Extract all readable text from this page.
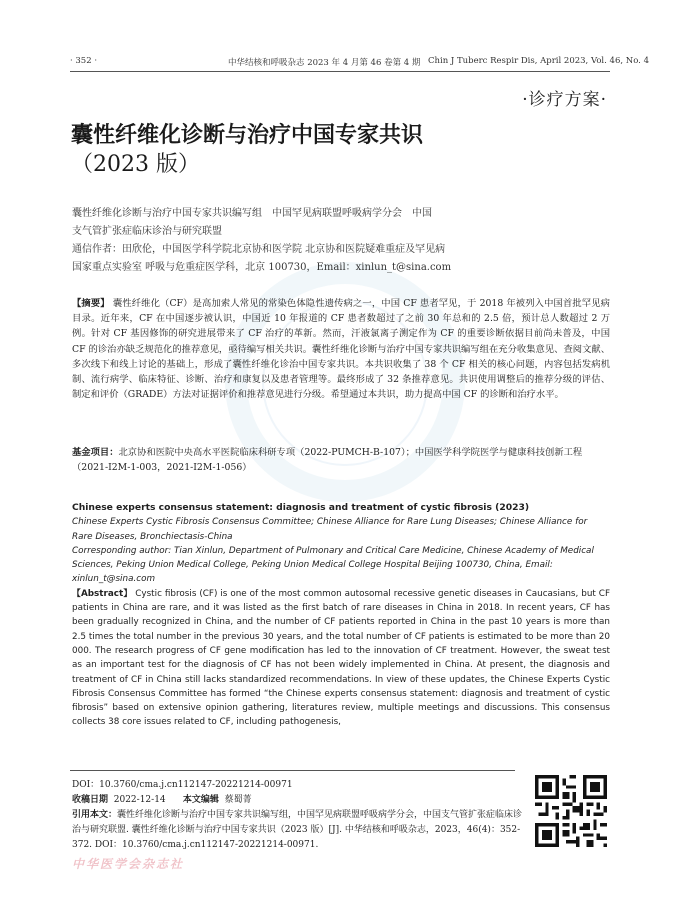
· 352 ·	中华结核和呼吸杂志 2023 年 4 月第 46 卷第 4 期 Chin J Tuberc Respir Dis, April 2023, Vol. 46, No. 4
·诊疗方案·
囊性纤维化诊断与治疗中国专家共识
（2023 版）
囊性纤维化诊断与治疗中国专家共识编写组　中国罕见病联盟呼吸病学分会　中国
支气管扩张症临床诊治与研究联盟
通信作者：田欣伦，中国医学科学院北京协和医学院 北京协和医院疑难重症及罕见病
国家重点实验室 呼吸与危重症医学科，北京 100730，Email：xinlun_t@sina.com
【摘要】 囊性纤维化（CF）是高加索人常见的常染色体隐性遗传病之一，中国 CF 患者罕见，于 2018 年被列入中国首批罕见病目录。近年来，CF 在中国逐步被认识，中国近 10 年报道的 CF 患者数超过了之前 30 年总和的 2.5 倍，预计总人数超过 2 万例。针对 CF 基因修饰的研究进展带来了 CF 治疗的革新。然而，汗液氯离子测定作为 CF 的重要诊断依据目前尚未普及，中国 CF 的诊治亦缺乏规范化的推荐意见，亟待编写相关共识。囊性纤维化诊断与治疗中国专家共识编写组在充分收集意见、查阅文献、多次线下和线上讨论的基础上，形成了囊性纤维化诊治中国专家共识。本共识收集了 38 个 CF 相关的核心问题，内容包括发病机制、流行病学、临床特征、诊断、治疗和康复以及患者管理等。最终形成了 32 条推荐意见。共识使用调整后的推荐分级的评估、制定和评价（GRADE）方法对证据评价和推荐意见进行分级。希望通过本共识，助力提高中国 CF 的诊断和治疗水平。
基金项目：北京协和医院中央高水平医院临床科研专项（2022-PUMCH-B-107）；中国医学科学院医学与健康科技创新工程（2021-I2M-1-003，2021-I2M-1-056）
Chinese experts consensus statement: diagnosis and treatment of cystic fibrosis (2023)
Chinese Experts Cystic Fibrosis Consensus Committee; Chinese Alliance for Rare Lung Diseases; Chinese Alliance for Rare Diseases, Bronchiectasis-China
Corresponding author: Tian Xinlun, Department of Pulmonary and Critical Care Medicine, Chinese Academy of Medical Sciences, Peking Union Medical College, Peking Union Medical College Hospital Beijing 100730, China, Email: xinlun_t@sina.com
【Abstract】 Cystic fibrosis (CF) is one of the most common autosomal recessive genetic diseases in Caucasians, but CF patients in China are rare, and it was listed as the first batch of rare diseases in China in 2018. In recent years, CF has been gradually recognized in China, and the number of CF patients reported in China in the past 10 years is more than 2.5 times the total number in the previous 30 years, and the total number of CF patients is estimated to be more than 20 000. The research progress of CF gene modification has led to the innovation of CF treatment. However, the sweat test as an important test for the diagnosis of CF has not been widely implemented in China. At present, the diagnosis and treatment of CF in China still lacks standardized recommendations. In view of these updates, the Chinese Experts Cystic Fibrosis Consensus Committee has formed “the Chinese experts consensus statement: diagnosis and treatment of cystic fibrosis” based on extensive opinion gathering, literatures review, multiple meetings and discussions. This consensus collects 38 core issues related to CF, including pathogenesis,
DOI：10.3760/cma.j.cn112147-20221214-00971
收稿日期 2022-12-14 本文编辑 蔡蜀菁
引用本文：囊性纤维化诊断与治疗中国专家共识编写组，中国罕见病联盟呼吸病学分会，中国支气管扩张症临床诊治与研究联盟. 囊性纤维化诊断与治疗中国专家共识（2023 版）[J]. 中华结核和呼吸杂志，2023，46(4)：352-372. DOI：10.3760/cma.j.cn112147-20221214-00971.
中华医学会杂志社
